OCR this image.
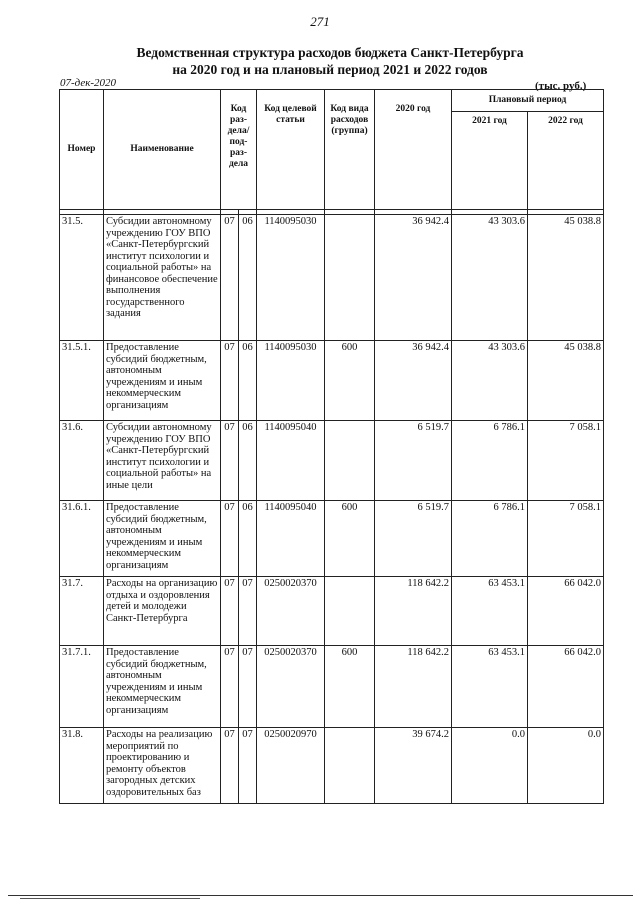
271
Ведомственная структура расходов бюджета Санкт-Петербурга
на 2020 год и на плановый период 2021 и 2022 годов
07-дек-2020	(тыс. руб.)
Номер	Наименование	Код раз-дела/ под-раз-дела		Код целевой статьи	Код вида расходов (группа)	2020 год	Плановый период	
							2021 год	2022 год

31.5.	Субсидии автономному учреждению ГОУ ВПО «Санкт-Петербургский институт психологии и социальной работы» на финансовое обеспечение выполнения государственного задания	07	06	1140095030		36 942.4	43 303.6	45 038.8
31.5.1.	Предоставление субсидий бюджетным, автономным учреждениям и иным некоммерческим организациям	07	06	1140095030	600	36 942.4	43 303.6	45 038.8
31.6.	Субсидии автономному учреждению ГОУ ВПО «Санкт-Петербургский институт психологии и социальной работы» на иные цели	07	06	1140095040		6 519.7	6 786.1	7 058.1
31.6.1.	Предоставление субсидий бюджетным, автономным учреждениям и иным некоммерческим организациям	07	06	1140095040	600	6 519.7	6 786.1	7 058.1
31.7.	Расходы на организацию отдыха и оздоровления детей и молодежи Санкт-Петербурга	07	07	0250020370		118 642.2	63 453.1	66 042.0
31.7.1.	Предоставление субсидий бюджетным, автономным учреждениям и иным некоммерческим организациям	07	07	0250020370	600	118 642.2	63 453.1	66 042.0
31.8.	Расходы на реализацию мероприятий по проектированию и ремонту объектов загородных детских оздоровительных баз	07	07	0250020970		39 674.2	0.0	0.0
